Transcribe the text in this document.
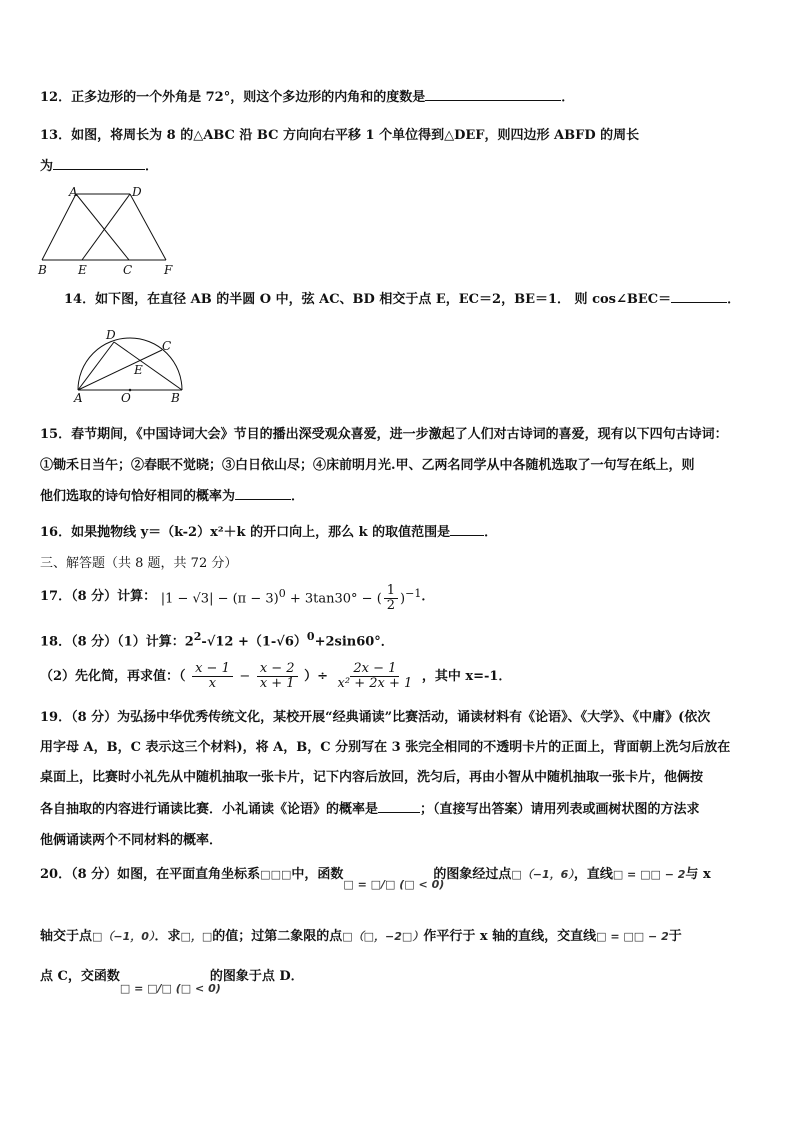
12．正多边形的一个外角是 72°，则这个多边形的内角和的度数是	．
13．如图，将周长为 8 的△ABC 沿 BC 方向向右平移 1 个单位得到△DEF，则四边形 ABFD 的周长
为	．
A	D
B	E	C	F
14．如下图，在直径 AB 的半圆 O 中，弦 AC、BD 相交于点 E，EC＝2，BE＝1． 则 cos∠BEC＝	．
D
C
E
A	O	B
15．春节期间，《中国诗词大会》节目的播出深受观众喜爱，进一步激起了人们对古诗词的喜爱，现有以下四句古诗词：
①锄禾日当午；②春眠不觉晓；③白日依山尽；④床前明月光.甲、乙两名同学从中各随机选取了一句写在纸上，则
他们选取的诗句恰好相同的概率为	．
16．如果抛物线 y＝（k-2）x²＋k 的开口向上，那么 k 的取值范围是	．
三、解答题（共 8 题，共 72 分）
17．（8 分）计算： $|1 - √3| - (\pi - 3)^0 + 3\tan 30^\circ$ − ( $\frac{1}{2} )^{-1}$．
18．（8 分）（1）计算：$2^2-√12 +(1-√6)^0+2\sin 60^\circ$．
（2）先化简，再求值：（ $\frac{x - 1}{x} - \frac{x - 2}{x + 1}$ ）÷ $\frac{2x - 1}{\text{x² + 2x + 1}}$ ，其中 x=-1．
19．（8 分）为弘扬中华优秀传统文化，某校开展“经典诵读”比赛活动，诵读材料有《论语》、《大学》、《中庸》(依次
用字母 A，B，C 表示这三个材料)，将 A，B，C 分别写在 3 张完全相同的不透明卡片的正面上，背面朝上洗匀后放在
桌面上，比赛时小礼先从中随机抽取一张卡片，记下内容后放回，洗匀后，再由小智从中随机抽取一张卡片，他俩按
各自抽取的内容进行诵读比赛．小礼诵读《论语》的概率是	；（直接写出答案）请用列表或画树状图的方法求
他俩诵读两个不同材料的概率．
20．（8 分）如图，在平面直角坐标系□□□中，函数□ = □/□ (□ < 0)的图象经过点□（−1，6），直线□ = □□ − 2与 x
轴交于点□（−1，0）．求□，□的值；过第二象限的点□（□，−2□）作平行于 x 轴的直线，交直线□ = □□ − 2于
点 C，交函数□ = □/□ (□ < 0)的图象于点 D．
